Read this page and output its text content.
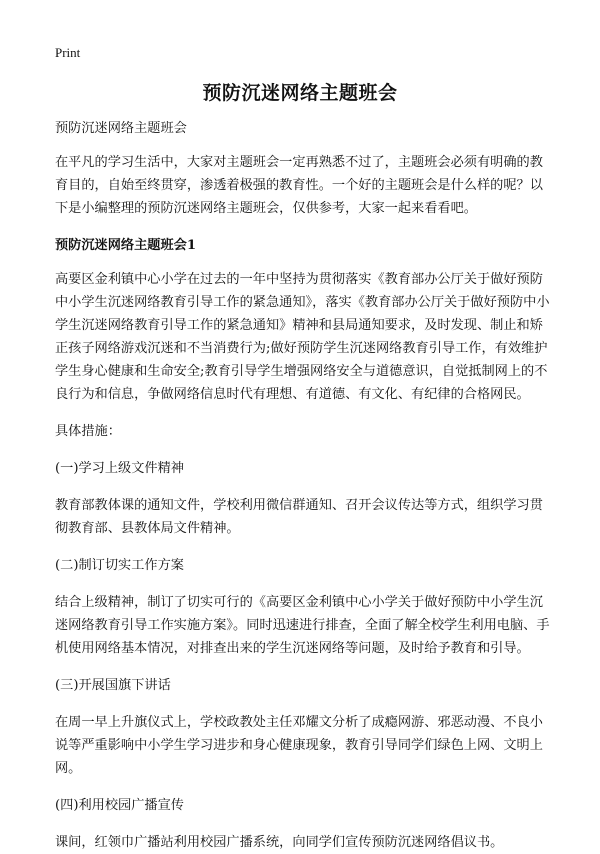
Print
预防沉迷网络主题班会

预防沉迷网络主题班会

在平凡的学习生活中，大家对主题班会一定再熟悉不过了，主题班会必须有明确的教育目的，自始至终贯穿，渗透着极强的教育性。一个好的主题班会是什么样的呢？以下是小编整理的预防沉迷网络主题班会，仅供参考，大家一起来看看吧。

预防沉迷网络主题班会1

高要区金利镇中心小学在过去的一年中坚持为贯彻落实《教育部办公厅关于做好预防中小学生沉迷网络教育引导工作的紧急通知》，落实《教育部办公厅关于做好预防中小学生沉迷网络教育引导工作的紧急通知》精神和县局通知要求，及时发现、制止和矫正孩子网络游戏沉迷和不当消费行为;做好预防学生沉迷网络教育引导工作，有效维护学生身心健康和生命安全;教育引导学生增强网络安全与道德意识，自觉抵制网上的不良行为和信息，争做网络信息时代有理想、有道德、有文化、有纪律的合格网民。

具体措施：

(一)学习上级文件精神

教育部教体课的通知文件，学校利用微信群通知、召开会议传达等方式，组织学习贯彻教育部、县教体局文件精神。

(二)制订切实工作方案

结合上级精神，制订了切实可行的《高要区金利镇中心小学关于做好预防中小学生沉迷网络教育引导工作实施方案》。同时迅速进行排查，全面了解全校学生利用电脑、手机使用网络基本情况，对排查出来的学生沉迷网络等问题，及时给予教育和引导。

(三)开展国旗下讲话

在周一早上升旗仪式上，学校政教处主任邓耀文分析了成瘾网游、邪恶动漫、不良小说等严重影响中小学生学习进步和身心健康现象，教育引导同学们绿色上网、文明上网。

(四)利用校园广播宣传

课间，红领巾广播站利用校园广播系统，向同学们宣传预防沉迷网络倡议书。
